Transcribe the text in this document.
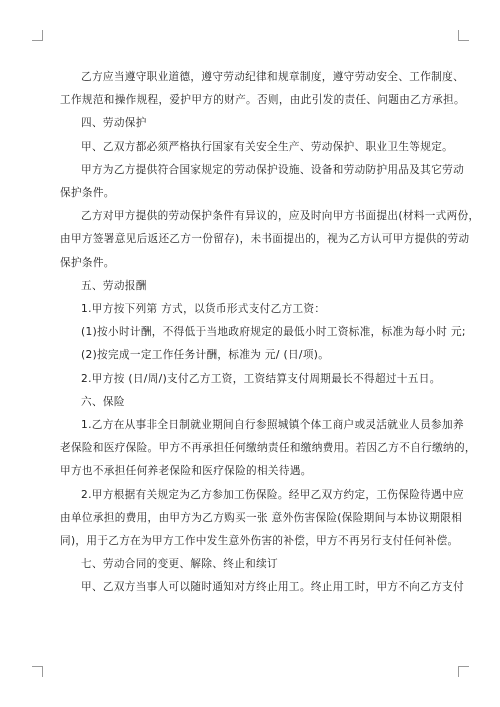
乙方应当遵守职业道德，遵守劳动纪律和规章制度，遵守劳动安全、工作制度、

工作规范和操作规程，爱护甲方的财产。否则，由此引发的责任、问题由乙方承担。

四、劳动保护

甲、乙双方都必须严格执行国家有关安全生产、劳动保护、职业卫生等规定。

甲方为乙方提供符合国家规定的劳动保护设施、设备和劳动防护用品及其它劳动

保护条件。

乙方对甲方提供的劳动保护条件有异议的，应及时向甲方书面提出(材料一式两份，

由甲方签署意见后返还乙方一份留存)，未书面提出的，视为乙方认可甲方提供的劳动

保护条件。

五、劳动报酬

1.甲方按下列第 方式，以货币形式支付乙方工资：

(1)按小时计酬，不得低于当地政府规定的最低小时工资标准，标准为每小时 元;

(2)按完成一定工作任务计酬，标准为 元/ (日/项)。

2.甲方按 (日/周/)支付乙方工资，工资结算支付周期最长不得超过十五日。

六、保险

1.乙方在从事非全日制就业期间自行参照城镇个体工商户或灵活就业人员参加养

老保险和医疗保险。甲方不再承担任何缴纳责任和缴纳费用。若因乙方不自行缴纳的，

甲方也不承担任何养老保险和医疗保险的相关待遇。

2.甲方根据有关规定为乙方参加工伤保险。经甲乙双方约定，工伤保险待遇中应

由单位承担的费用，由甲方为乙方购买一张 意外伤害保险(保险期间与本协议期限相

同)，用于乙方在为甲方工作中发生意外伤害的补偿，甲方不再另行支付任何补偿。

七、劳动合同的变更、解除、终止和续订

甲、乙双方当事人可以随时通知对方终止用工。终止用工时，甲方不向乙方支付
